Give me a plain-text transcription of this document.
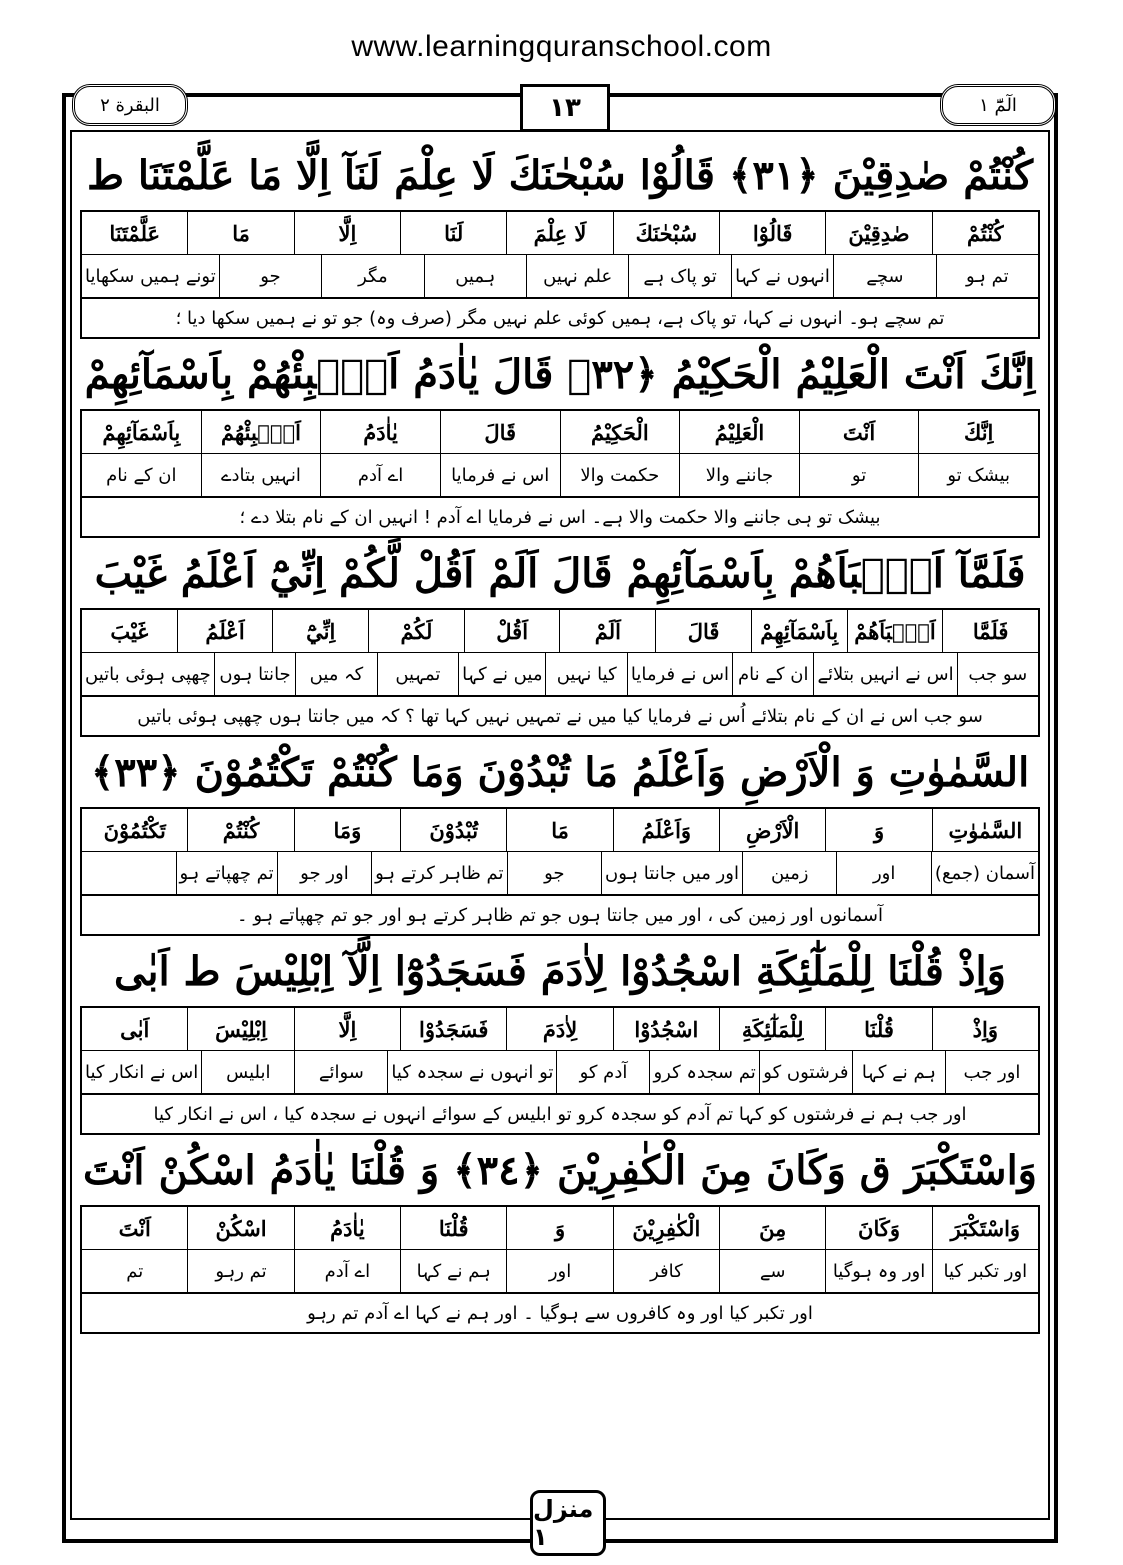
www.learningquranschool.com
البقرة ٢	١٣	الٓمّٓ ١
كُنْتُمْ صٰدِقِيْنَ ﴿٣١﴾ قَالُوْا سُبْحٰنَكَ لَا عِلْمَ لَنَآ اِلَّا مَا عَلَّمْتَنَا ط
كُنْتُمْ
صٰدِقِيْنَ
قَالُوْا
سُبْحٰنَكَ
لَا عِلْمَ
لَنَا
اِلَّا
مَا
عَلَّمْتَنَا
تم ہو
سچے
انہوں نے کہا
تو پاک ہے
علم نہیں
ہمیں
مگر
جو
تونے ہمیں سکھایا
تم سچے ہو۔ انہوں نے کہا، تو پاک ہے، ہمیں کوئی علم نہیں مگر (صرف وہ) جو تو نے ہمیں سکھا دیا ؛
اِنَّكَ اَنْتَ الْعَلِيْمُ الْحَكِيْمُ ﴿٣٢﴾ قَالَ يٰاٰدَمُ اَنْۢبِئْهُمْ بِاَسْمَآئِهِمْ
اِنَّكَ
اَنْتَ
الْعَلِيْمُ
الْحَكِيْمُ
قَالَ
يٰاٰدَمُ
اَنْۢبِئْهُمْ
بِاَسْمَآئِهِمْ
بیشک تو
تو
جاننے والا
حکمت والا
اس نے فرمایا
اے آدم
انہیں بتادے
ان کے نام
بیشک تو ہی جاننے والا حکمت والا ہے۔ اس نے فرمایا اے آدم ! انہیں ان کے نام بتلا دے ؛
فَلَمَّآ اَنْۢبَاَهُمْ بِاَسْمَآئِهِمْ قَالَ اَلَمْ اَقُلْ لَّكُمْ اِنِّيْٓ اَعْلَمُ غَيْبَ
فَلَمَّا
اَنْۢبَاَهُمْ
بِاَسْمَآئِهِمْ
قَالَ
اَلَمْ
اَقُلْ
لَكُمْ
اِنِّيْٓ
اَعْلَمُ
غَيْبَ
سو جب
اس نے انہیں بتلائے
ان کے نام
اس نے فرمایا
کیا نہیں
میں نے کہا
تمہیں
کہ میں
جانتا ہوں
چھپی ہوئی باتیں
سو جب اس نے ان کے نام بتلائے اُس نے فرمایا کیا میں نے تمہیں نہیں کہا تھا ؟ کہ میں جانتا ہوں چھپی ہوئی باتیں
السَّمٰوٰتِ وَ الْاَرْضِ وَاَعْلَمُ مَا تُبْدُوْنَ وَمَا كُنْتُمْ تَكْتُمُوْنَ ﴿٣٣﴾
السَّمٰوٰتِ
وَ
الْاَرْضِ
وَاَعْلَمُ
مَا
تُبْدُوْنَ
وَمَا
كُنْتُمْ
تَكْتُمُوْنَ
آسمان (جمع)
اور
زمین
اور میں جانتا ہوں
جو
تم ظاہر کرتے ہو
اور جو
تم چھپاتے ہو
آسمانوں اور زمین کی ، اور میں جانتا ہوں جو تم ظاہر کرتے ہو اور جو تم چھپاتے ہو ۔
وَاِذْ قُلْنَا لِلْمَلٰٓئِكَةِ اسْجُدُوْا لِاٰدَمَ فَسَجَدُوْٓا اِلَّآ اِبْلِيْسَ ط اَبٰى
وَاِذْ
قُلْنَا
لِلْمَلٰٓئِكَةِ
اسْجُدُوْا
لِاٰدَمَ
فَسَجَدُوْا
اِلَّا
اِبْلِيْسَ
اَبٰى
اور جب
ہم نے کہا
فرشتوں کو
تم سجدہ کرو
آدم کو
تو انہوں نے سجدہ کیا
سوائے
ابلیس
اس نے انکار کیا
اور جب ہم نے فرشتوں کو کہا تم آدم کو سجدہ کرو تو ابلیس کے سوائے انہوں نے سجدہ کیا ، اس نے انکار کیا
وَاسْتَكْبَرَ ق وَكَانَ مِنَ الْكٰفِرِيْنَ ﴿٣٤﴾ وَ قُلْنَا يٰاٰدَمُ اسْكُنْ اَنْتَ
وَاسْتَكْبَرَ
وَكَانَ
مِنَ
الْكٰفِرِيْنَ
وَ
قُلْنَا
يٰاٰدَمُ
اسْكُنْ
اَنْتَ
اور تکبر کیا
اور وہ ہوگیا
سے
کافر
اور
ہم نے کہا
اے آدم
تم رہو
تم
اور تکبر کیا اور وہ کافروں سے ہوگیا ۔ اور ہم نے کہا اے آدم تم رہو
منزل ١
